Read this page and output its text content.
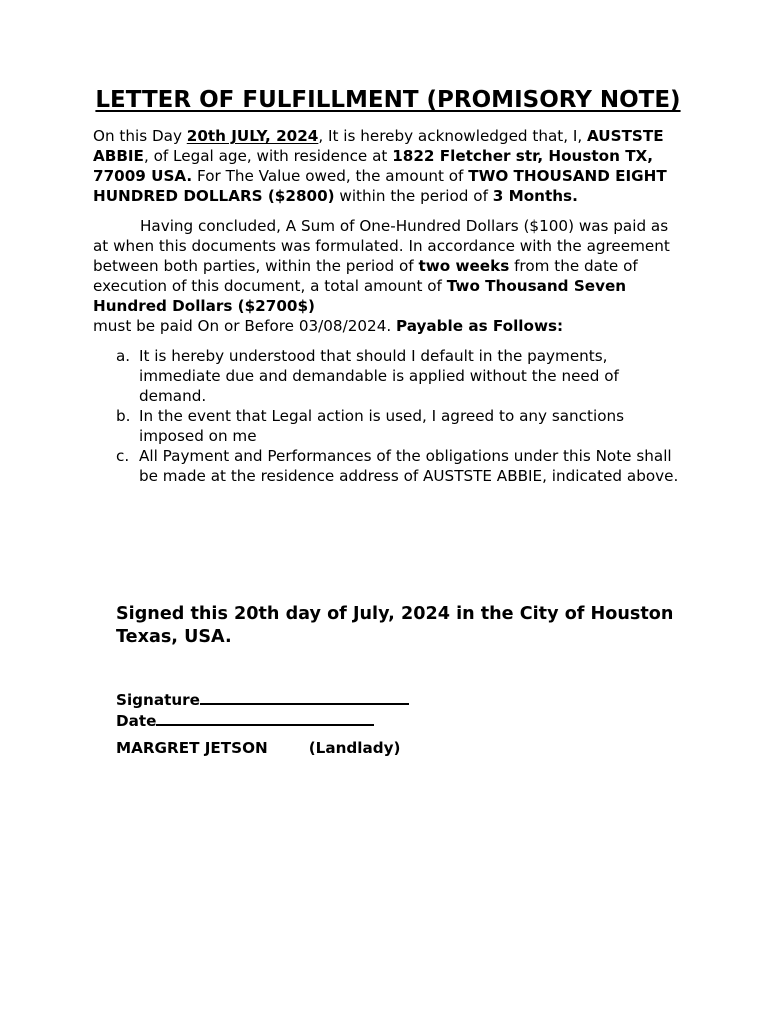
LETTER OF FULFILLMENT (PROMISORY NOTE)

On this Day 20th JULY, 2024, It is hereby acknowledged that, I, AUSTSTE ABBIE, of Legal age, with residence at 1822 Fletcher str, Houston TX, 77009 USA. For The Value owed, the amount of TWO THOUSAND EIGHT HUNDRED DOLLARS ($2800) within the period of 3 Months.

Having concluded, A Sum of One-Hundred Dollars ($100) was paid as at when this documents was formulated. In accordance with the agreement between both parties, within the period of two weeks from the date of execution of this document, a total amount of Two Thousand Seven Hundred Dollars ($2700$)
must be paid On or Before 03/08/2024. Payable as Follows:

a. It is hereby understood that should I default in the payments, immediate due and demandable is applied without the need of demand.
b. In the event that Legal action is used, I agreed to any sanctions imposed on me
c. All Payment and Performances of the obligations under this Note shall be made at the residence address of AUSTSTE ABBIE, indicated above.

Signed this 20th day of July, 2024 in the City of Houston Texas, USA.

Signature
Date
MARGRET JETSON	(Landlady)
